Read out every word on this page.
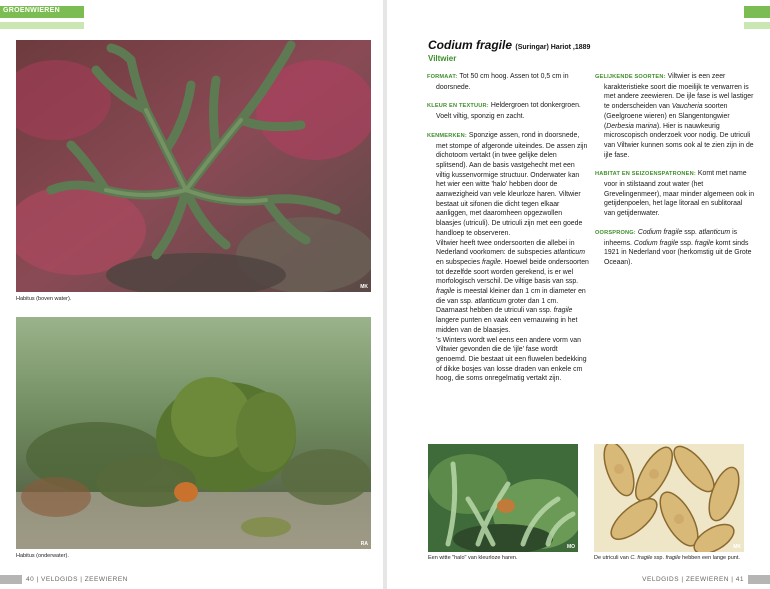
GROENWIEREN
MK
Habitus (boven water).
RA
Habitus (onderwater).
40 | VELDGIDS | ZEEWIEREN
Codium fragile (Suringar) Hariot ,1889
Viltwier
FORMAAT: Tot 50 cm hoog. Assen tot 0,5 cm in doorsnede.
KLEUR EN TEXTUUR: Heldergroen tot donkergroen. Voelt viltig, sponzig en zacht.
KENMERKEN: Sponzige assen, rond in doorsnede, met stompe of afgeronde uiteindes. De assen zijn dichotoom vertakt (in twee gelijke delen splitsend). Aan de basis vastgehecht met een viltig kussenvormige structuur. Onderwater kan het wier een witte 'halo' hebben door de aanwezigheid van vele kleurloze haren. Viltwier bestaat uit sifonen die dicht tegen elkaar aanliggen, met daaromheen opgezwollen blaasjes (utriculi). De utriculi zijn met een goede handloep te observeren.

Viltwier heeft twee ondersoorten die allebei in Nederland voorkomen: de subspecies atlanticum en subspecies fragile. Hoewel beide ondersoorten tot dezelfde soort worden gerekend, is er wel morfologisch verschil. De viltige basis van ssp. fragile is meestal kleiner dan 1 cm in diameter en die van ssp. atlanticum groter dan 1 cm. Daarnaast hebben de utriculi van ssp. fragile langere punten en vaak een vernauwing in het midden van de blaasjes.

's Winters wordt wel eens een andere vorm van Viltwier gevonden die de 'ijle' fase wordt genoemd. Die bestaat uit een fluwelen bedekking of dikke bosjes van losse draden van enkele cm hoog, die soms onregelmatig vertakt zijn.

GELIJKENDE SOORTEN: Viltwier is een zeer karakteristieke soort die moeilijk te verwarren is met andere zeewieren. De ijle fase is wel lastiger te onderscheiden van Vaucheria soorten (Geelgroene wieren) en Slangentongwier (Derbesia marina). Hier is nauwkeurig microscopisch onderzoek voor nodig. De utriculi van Viltwier kunnen soms ook al te zien zijn in de ijle fase.
HABITAT EN SEIZOENSPATRONEN: Komt met name voor in stilstaand zout water (het Grevelingenmeer), maar minder algemeen ook in getijdenpoelen, het lage litoraal en sublitoraal van getijdenwater.
OORSPRONG: Codium fragile ssp. atlanticum is inheems. Codium fragile ssp. fragile komt sinds 1921 in Nederland voor (herkomstig uit de Grote Oceaan).
MO
Een witte "halo" van kleurloze haren.
MK
De utriculi van C. fragile ssp. fragile hebben een lange punt.
VELDGIDS | ZEEWIEREN | 41
